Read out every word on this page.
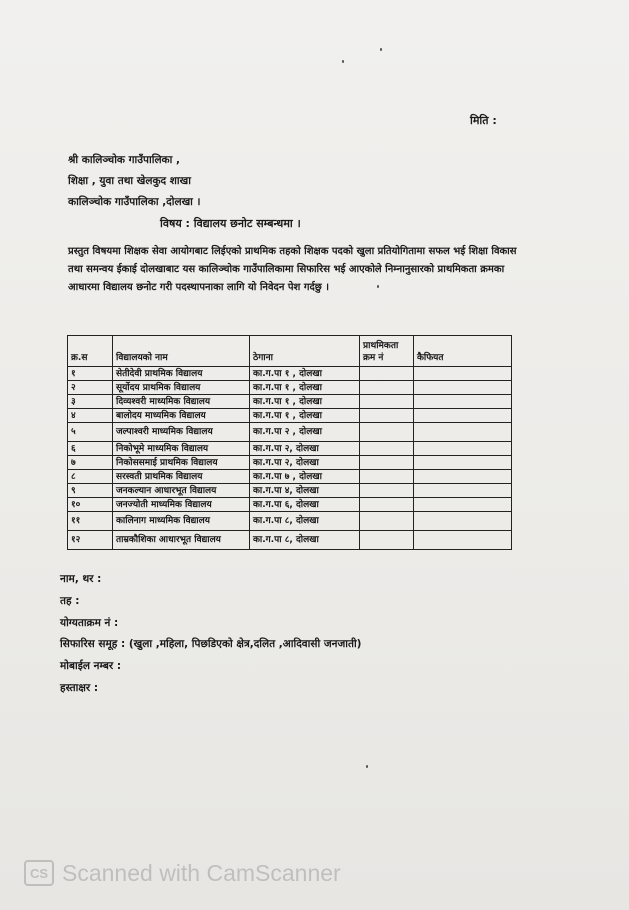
मिति :
श्री कालिञ्चोक गाउँपालिका ,
शिक्षा , युवा तथा खेलकुद शाखा
कालिञ्चोक गाउँपालिका ,दोलखा ।
विषय : विद्यालय छनोट सम्बन्धमा ।
प्रस्तुत विषयमा शिक्षक सेवा आयोगबाट लिईएको प्राथमिक तहको शिक्षक पदको खुला प्रतियोगितामा सफल भई शिक्षा विकास
तथा समन्वय ईकाई दोलखाबाट यस कालिञ्चोक गाउँपालिकामा सिफारिस भई आएकोले निम्नानुसारको प्राथमिकता क्रमका
आधारमा विद्यालय छनोट गरी पदस्थापनाका लागि यो निवेदन पेश गर्दछु ।
क्र.स	विद्यालयको नाम	ठेगाना	प्राथमिकता क्रम नं	कैफियत
१	सेतीदेवी प्राथमिक विद्यालय	का.ग.पा १ , दोलखा		
२	सूर्योदय प्राथमिक विद्यालय	का.ग.पा १ , दोलखा		
३	दिव्यश्वरी माध्यमिक विद्यालय	का.ग.पा १ , दोलखा		
४	बालोदय माध्यमिक विद्यालय	का.ग.पा १ , दोलखा		
५	जल्पाश्वरी माध्यमिक विद्यालय	का.ग.पा २ , दोलखा		
६	निकोभूमे माध्यमिक विद्यालय	का.ग.पा २, दोलखा		
७	निकोससमाई प्राथमिक विद्यालय	का.ग.पा २, दोलखा		
८	सरस्वती प्राथमिक विद्यालय	का.ग.पा ७ , दोलखा		
९	जनकल्यान आधारभूत विद्यालय	का.ग.पा ४, दोलखा		
१०	जनज्योती माध्यमिक विद्यालय	का.ग.पा ६, दोलखा		
११	कालिनाग माध्यमिक विद्यालय	का.ग.पा ८, दोलखा		
१२	ताम्रकौशिका आधारभूत विद्यालय	का.ग.पा ८, दोलखा		
नाम, थर :
तह :
योग्यताक्रम नं :
सिफारिस समूह : (खुला ,महिला, पिछडिएको क्षेत्र,दलित ,आदिवासी जनजाती)
मोबाईल नम्बर :
हस्ताक्षर :
CS Scanned with CamScanner
